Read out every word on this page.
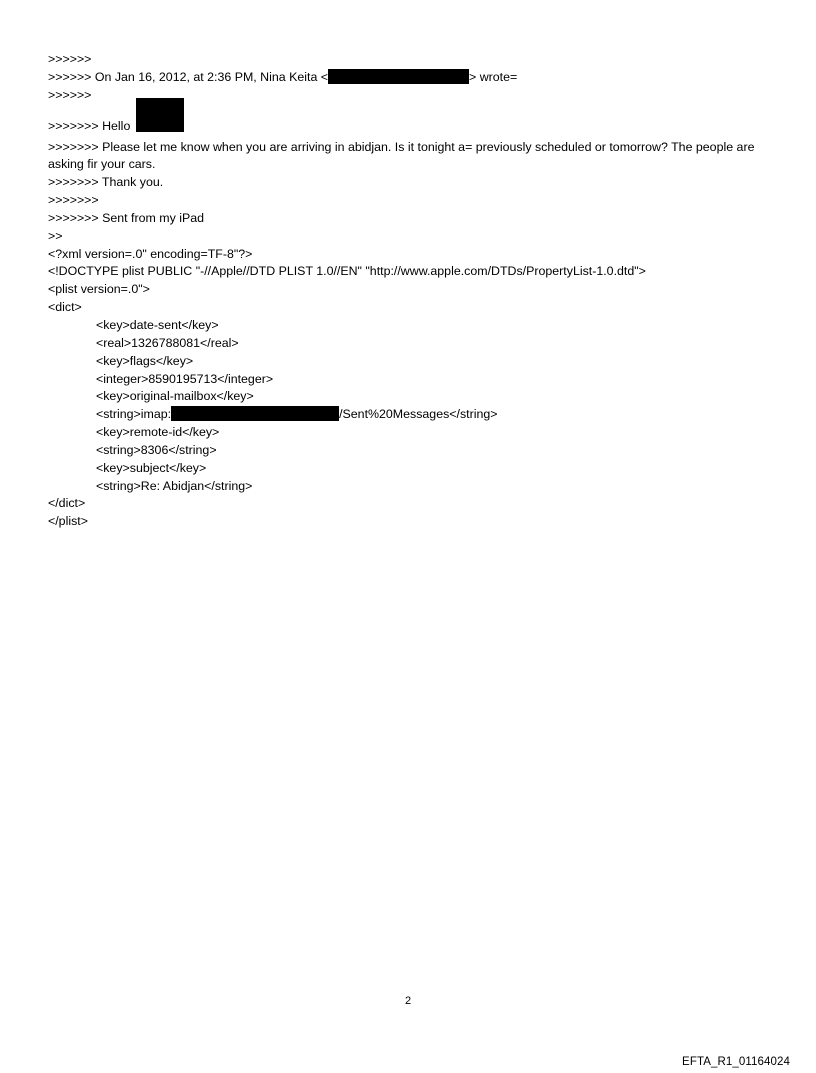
>>>>>>

>>>>>> On Jan 16, 2012, at 2:36 PM, Nina Keita <	> wrote=

>>>>>>

>>>>>>> Hello

>>>>>>> Please let me know when you are arriving in abidjan. Is it tonight a= previously scheduled or tomorrow? The people are asking fir your cars.

>>>>>>> Thank you.

>>>>>>>

>>>>>>> Sent from my iPad

>>

<?xml version=.0" encoding=TF-8"?>

<!DOCTYPE plist PUBLIC "-//Apple//DTD PLIST 1.0//EN" "http://www.apple.com/DTDs/PropertyList-1.0.dtd">

<plist version=.0">

<dict>

<key>date-sent</key>

<real>1326788081</real>

<key>flags</key>

<integer>8590195713</integer>

<key>original-mailbox</key>

<string>imap:	/Sent%20Messages</string>

<key>remote-id</key>

<string>8306</string>

<key>subject</key>

<string>Re: Abidjan</string>

</dict>

</plist>

2
EFTA_R1_01164024
